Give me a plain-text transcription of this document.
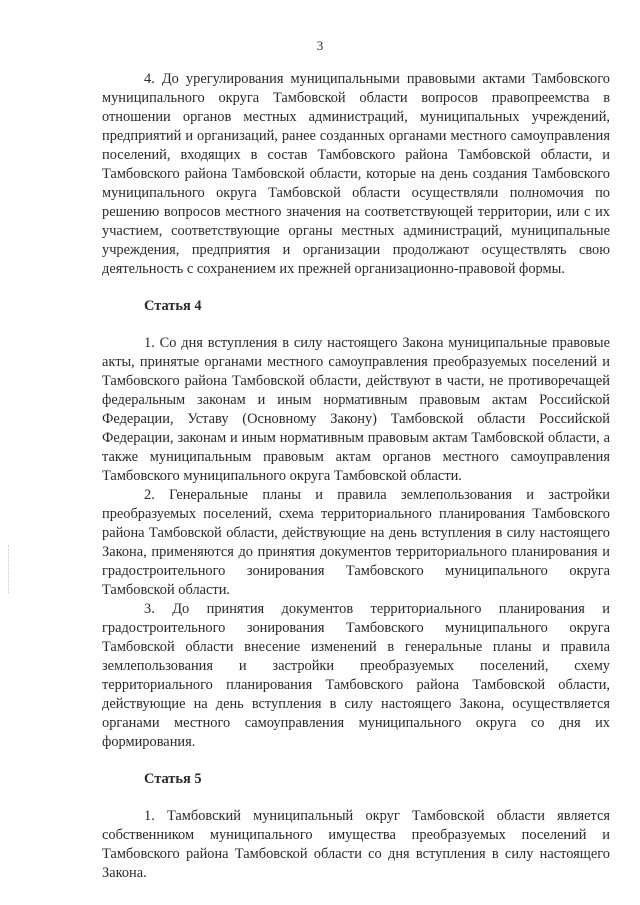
3

4. До урегулирования муниципальными правовыми актами Тамбовского муниципального округа Тамбовской области вопросов правопреемства в отношении органов местных администраций, муниципальных учреждений, предприятий и организаций, ранее созданных органами местного самоуправления поселений, входящих в состав Тамбовского района Тамбовской области, и Тамбовского района Тамбовской области, которые на день создания Тамбовского муниципального округа Тамбовской области осуществляли полномочия по решению вопросов местного значения на соответствующей территории, или с их участием, соответствующие органы местных администраций, муниципальные учреждения, предприятия и организации продолжают осуществлять свою деятельность с сохранением их прежней организационно-правовой формы.

Статья 4

1. Со дня вступления в силу настоящего Закона муниципальные правовые акты, принятые органами местного самоуправления преобразуемых поселений и Тамбовского района Тамбовской области, действуют в части, не противоречащей федеральным законам и иным нормативным правовым актам Российской Федерации, Уставу (Основному Закону) Тамбовской области Российской Федерации, законам и иным нормативным правовым актам Тамбовской области, а также муниципальным правовым актам органов местного самоуправления Тамбовского муниципального округа Тамбовской области.

2. Генеральные планы и правила землепользования и застройки преобразуемых поселений, схема территориального планирования Тамбовского района Тамбовской области, действующие на день вступления в силу настоящего Закона, применяются до принятия документов территориального планирования и градостроительного зонирования Тамбовского муниципального округа Тамбовской области.

3. До принятия документов территориального планирования и градостроительного зонирования Тамбовского муниципального округа Тамбовской области внесение изменений в генеральные планы и правила землепользования и застройки преобразуемых поселений, схему территориального планирования Тамбовского района Тамбовской области, действующие на день вступления в силу настоящего Закона, осуществляется органами местного самоуправления муниципального округа со дня их формирования.

Статья 5

1. Тамбовский муниципальный округ Тамбовской области является собственником муниципального имущества преобразуемых поселений и Тамбовского района Тамбовской области со дня вступления в силу настоящего Закона.
